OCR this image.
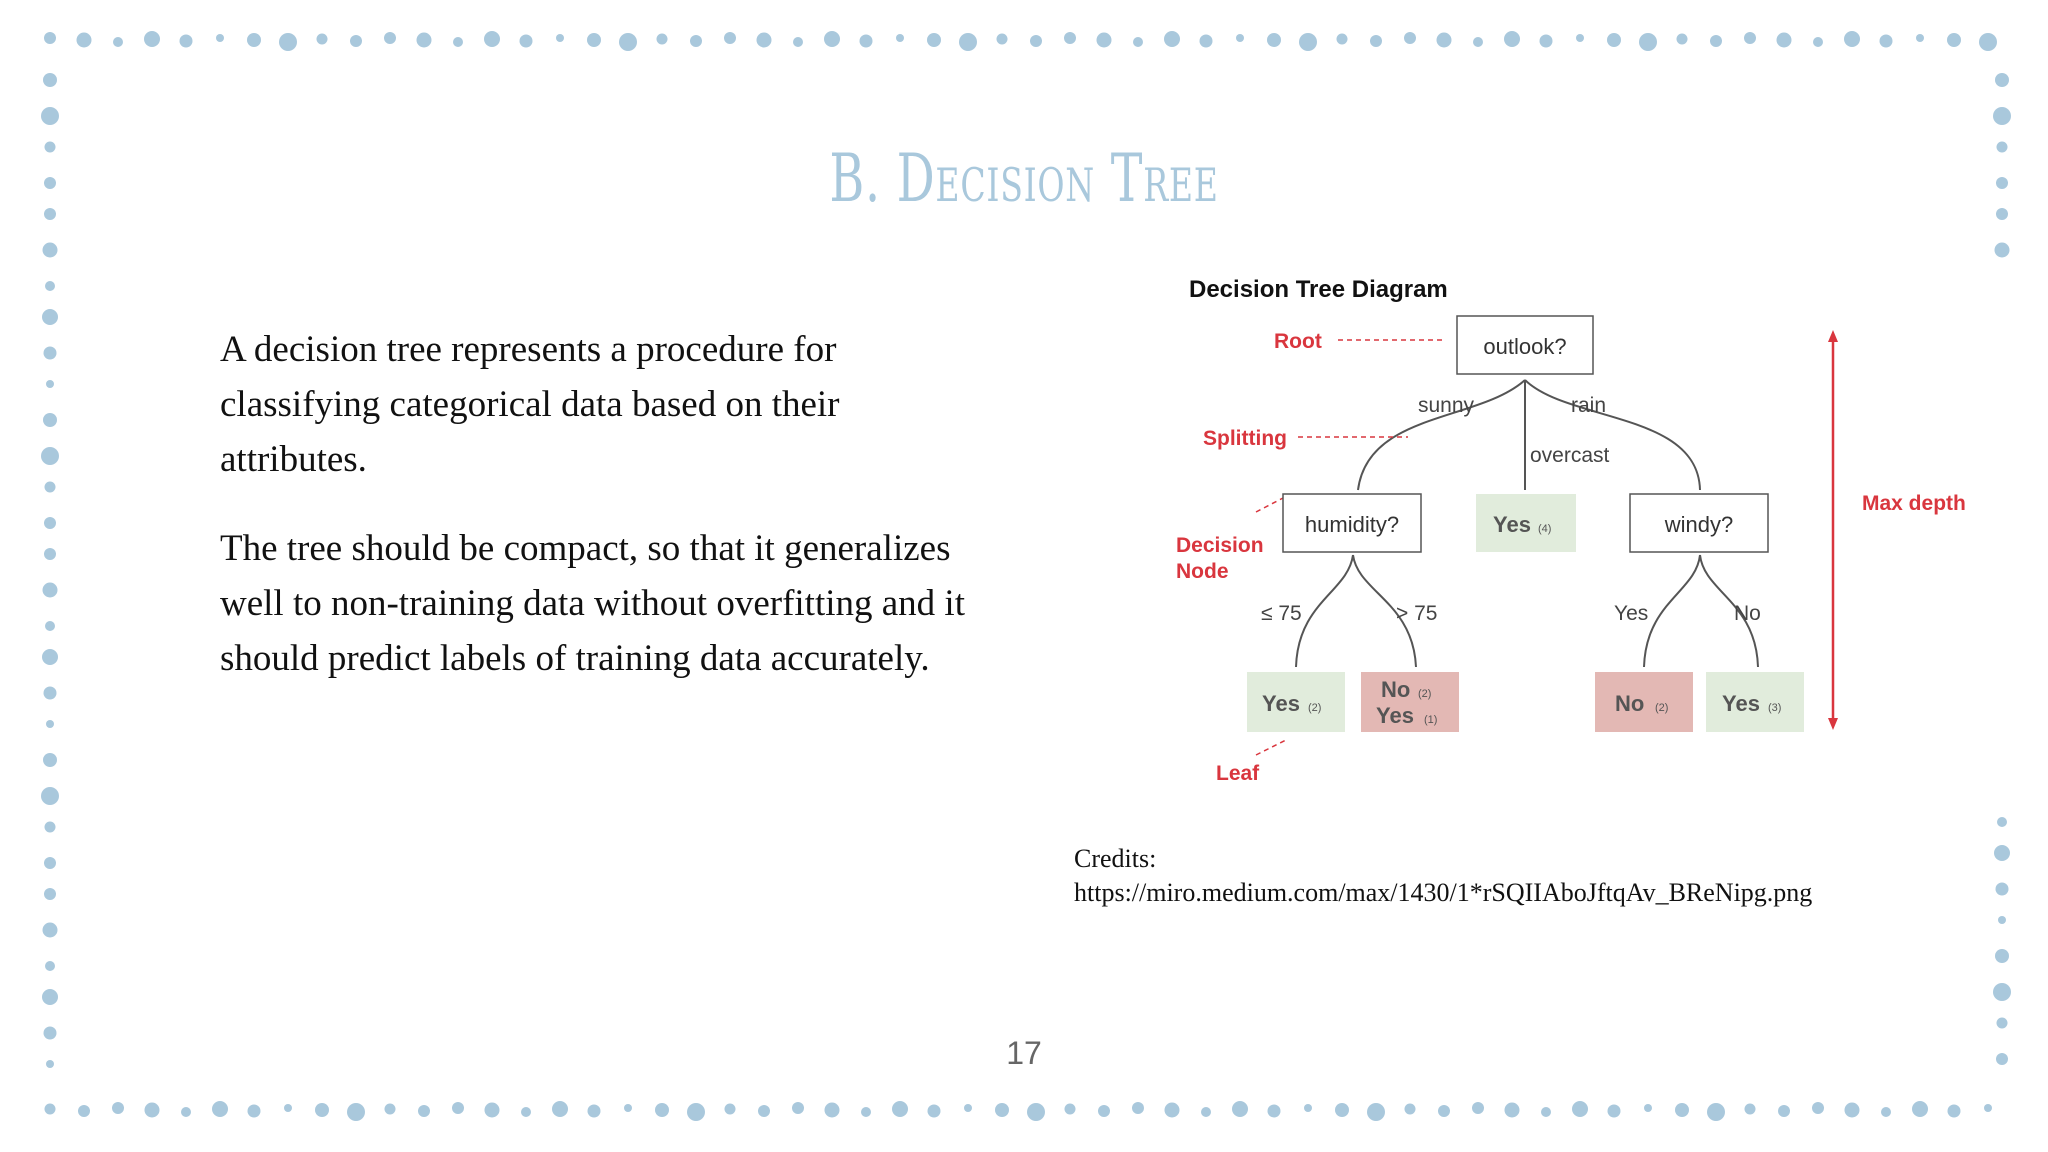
B. Decision Tree

A decision tree represents a procedure for classifying categorical data based on their attributes.

The tree should be compact, so that it generalizes well to non-training data without overfitting and it should predict labels of training data accurately.

Decision Tree Diagram
Root
Splitting
Decision
Node
Leaf
Max depth
outlook?
humidity?	windy?
sunny
overcast
rain
≤ 75	> 75	Yes	No
Yes (4)
Yes (2)
No (2)
Yes (1)
No (2) Yes (3)
Credits:
https://miro.medium.com/max/1430/1*rSQIIAboJftqAv_BReNipg.png
17
